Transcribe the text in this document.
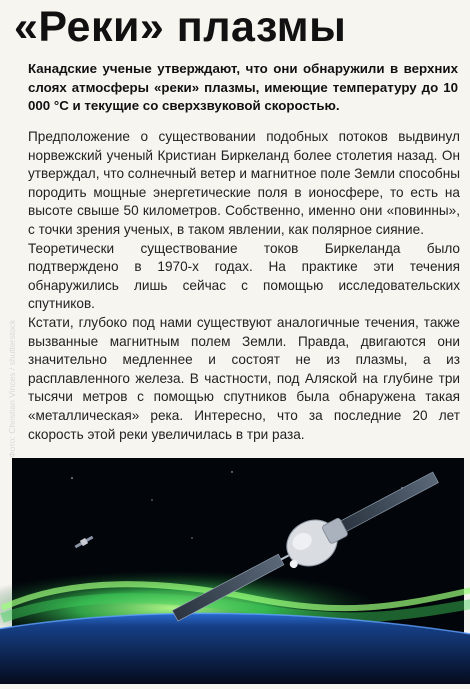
«Реки» плазмы

Канадские ученые утверждают, что они обнаружили в верхних слоях атмосферы «реки» плазмы, имеющие температуру до 10 000 °С и текущие со сверхзвуковой скоростью.

Предположение о существовании подобных потоков выдвинул норвежский ученый Кристиан Биркеланд более столетия назад. Он утверждал, что солнечный ветер и магнитное поле Земли способны породить мощные энергетические поля в ионосфере, то есть на высоте свыше 50 километров. Собственно, именно они «повинны», с точки зрения ученых, в таком явлении, как полярное сияние.

Теоретически существование токов Биркеланда было подтверждено в 1970-х годах. На практике эти течения обнаружились лишь сейчас с помощью исследовательских спутников.

Кстати, глубоко под нами существуют аналогичные течения, также вызванные магнитным полем Земли. Правда, двигаются они значительно медленнее и состоят не из плазмы, а из расплавленного железа. В частности, под Аляской на глубине три тысячи метров с помощью спутников была обнаружена такая «металлическая» река. Интересно, что за последние 20 лет скорость этой реки увеличилась в три раза.

Фото: Christian Vinces / shutterstock
